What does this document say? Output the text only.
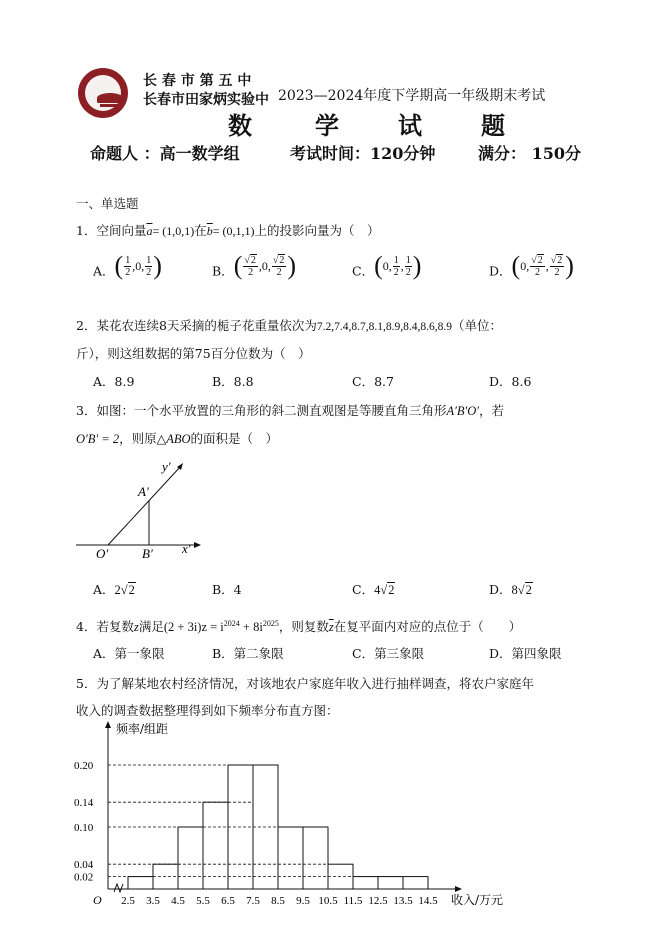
长 春 市 第 五 中
长春市田家炳实验中 2023—2024年度下学期高一年级期末考试
数	学 试 题
命题人 ：高一数学组	考试时间：120分钟	满分： 150分
一、单选题
1．空间向量 $\overline{a} = (1,0,1)$ 在 $\overline{b} = (0,1,1)$ 上的投影向量为（　）
A． ( $\frac{1}{2} ,0$, $\frac{1}{2}$ )	B． ( $\frac{√2}{2} ,0$, $\frac{√2}{2}$ )	C． ( 0, $\frac{1}{2}$ , $\frac{1}{2}$ )	D． ( 0, $\frac{√2}{2}$ , $\frac{√2}{2}$ )
2．某花农连续8天采摘的栀子花重量依次为7.2,7.4,8.7,8.1,8.9,8.4,8.6,8.9（单位：
斤），则这组数据的第75百分位数为（　）
A．8.9	B．8.8	C．8.7	D．8.6
3．如图：一个水平放置的三角形的斜二测直观图是等腰直角三角形A′B′O′，若
O′B′ = 2，则原△ABO的面积是（　）
y′
x′
A′
O′	B′
A．2√2	B．4	C．4√2	D．8√2
4．若复数z满足$(2 + 3i)z = i^{2024} + 8i^{2025}$，则复数$\overline{z}$在复平面内对应的点位于（　　）
A．第一象限	B．第二象限	C．第三象限	D．第四象限
5．为了解某地农村经济情况，对该地农户家庭年收入进行抽样调查，将农户家庭年
收入的调查数据整理得到如下频率分布直方图：
0.02
0.04
0.10
0.14
0.20
2.5 3.5 4.5 5.5 6.5 7.5 8.5 9.5 10.5 11.5 12.5 13.5 14.5
O
频率/组距
收入/万元
